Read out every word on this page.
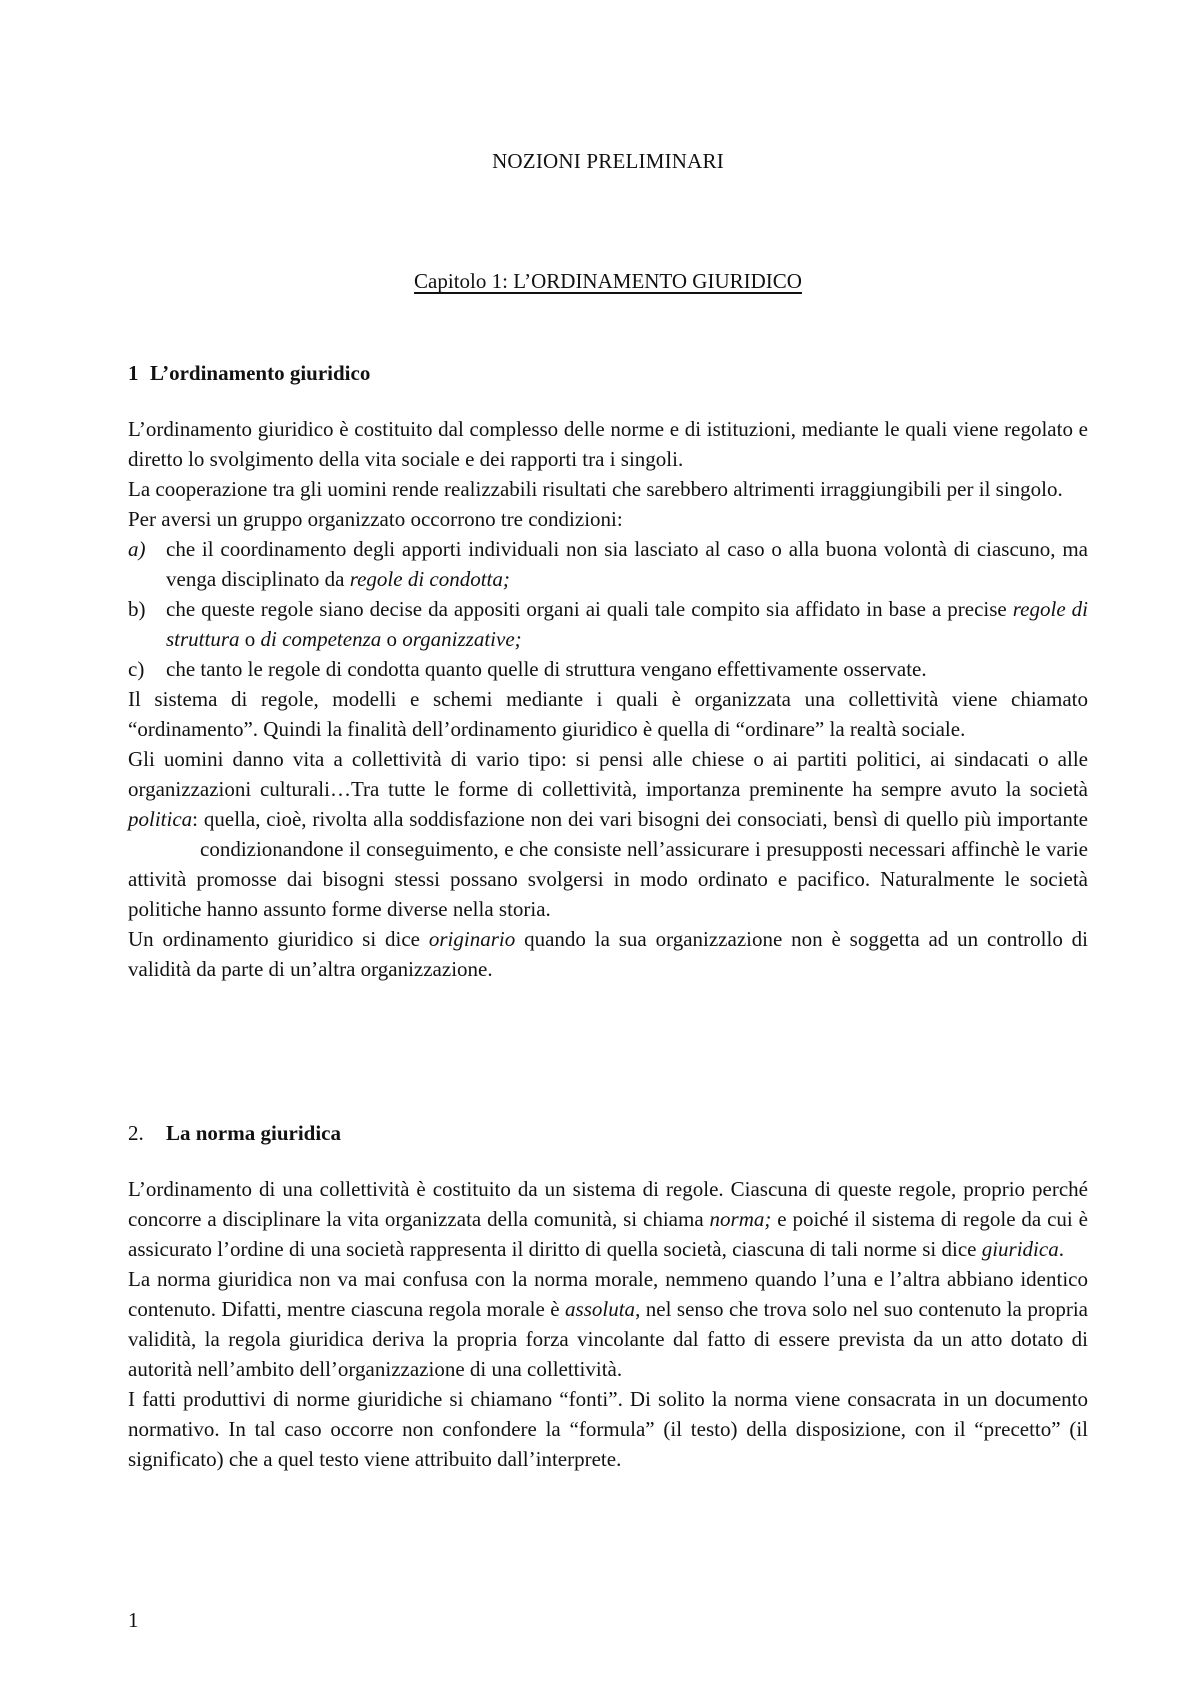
NOZIONI PRELIMINARI
Capitolo 1: L’ORDINAMENTO GIURIDICO
1 L’ordinamento giuridico

L’ordinamento giuridico è costituito dal complesso delle norme e di istituzioni, mediante le quali viene regolato e diretto lo svolgimento della vita sociale e dei rapporti tra i singoli.

La cooperazione tra gli uomini rende realizzabili risultati che sarebbero altrimenti irraggiungibili per il singolo.

Per aversi un gruppo organizzato occorrono tre condizioni:

a) che il coordinamento degli apporti individuali non sia lasciato al caso o alla buona volontà di ciascuno, ma venga disciplinato da regole di condotta;
b) che queste regole siano decise da appositi organi ai quali tale compito sia affidato in base a precise regole di struttura o di competenza o organizzative;
c)	che tanto le regole di condotta quanto quelle di struttura vengano effettivamente osservate.

Il sistema di regole, modelli e schemi mediante i quali è organizzata una collettività viene chiamato “ordinamento”. Quindi la finalità dell’ordinamento giuridico è quella di “ordinare” la realtà sociale.

Gli uomini danno vita a collettività di vario tipo: si pensi alle chiese o ai partiti politici, ai sindacati o alle organizzazioni culturali…Tra tutte le forme di collettività, importanza preminente ha sempre avuto la società politica: quella, cioè, rivolta alla soddisfazione non dei vari bisogni dei consociati, bensì di quello più importantecondizionandone il conseguimento, e che consiste nell’assicurare i presupposti necessari affinchè le varie attività promosse dai bisogni stessi possano svolgersi in modo ordinato e pacifico. Naturalmente le società politiche hanno assunto forme diverse nella storia.

Un ordinamento giuridico si dice originario quando la sua organizzazione non è soggetta ad un controllo di validità da parte di un’altra organizzazione.

2. La norma giuridica

L’ordinamento di una collettività è costituito da un sistema di regole. Ciascuna di queste regole, proprio perché concorre a disciplinare la vita organizzata della comunità, si chiama norma; e poiché il sistema di regole da cui è assicurato l’ordine di una società rappresenta il diritto di quella società, ciascuna di tali norme si dice giuridica.

La norma giuridica non va mai confusa con la norma morale, nemmeno quando l’una e l’altra abbiano identico contenuto. Difatti, mentre ciascuna regola morale è assoluta, nel senso che trova solo nel suo contenuto la propria validità, la regola giuridica deriva la propria forza vincolante dal fatto di essere prevista da un atto dotato di autorità nell’ambito dell’organizzazione di una collettività.

I fatti produttivi di norme giuridiche si chiamano “fonti”. Di solito la norma viene consacrata in un documento normativo. In tal caso occorre non confondere la “formula” (il testo) della disposizione, con il “precetto” (il significato) che a quel testo viene attribuito dall’interprete.

1
